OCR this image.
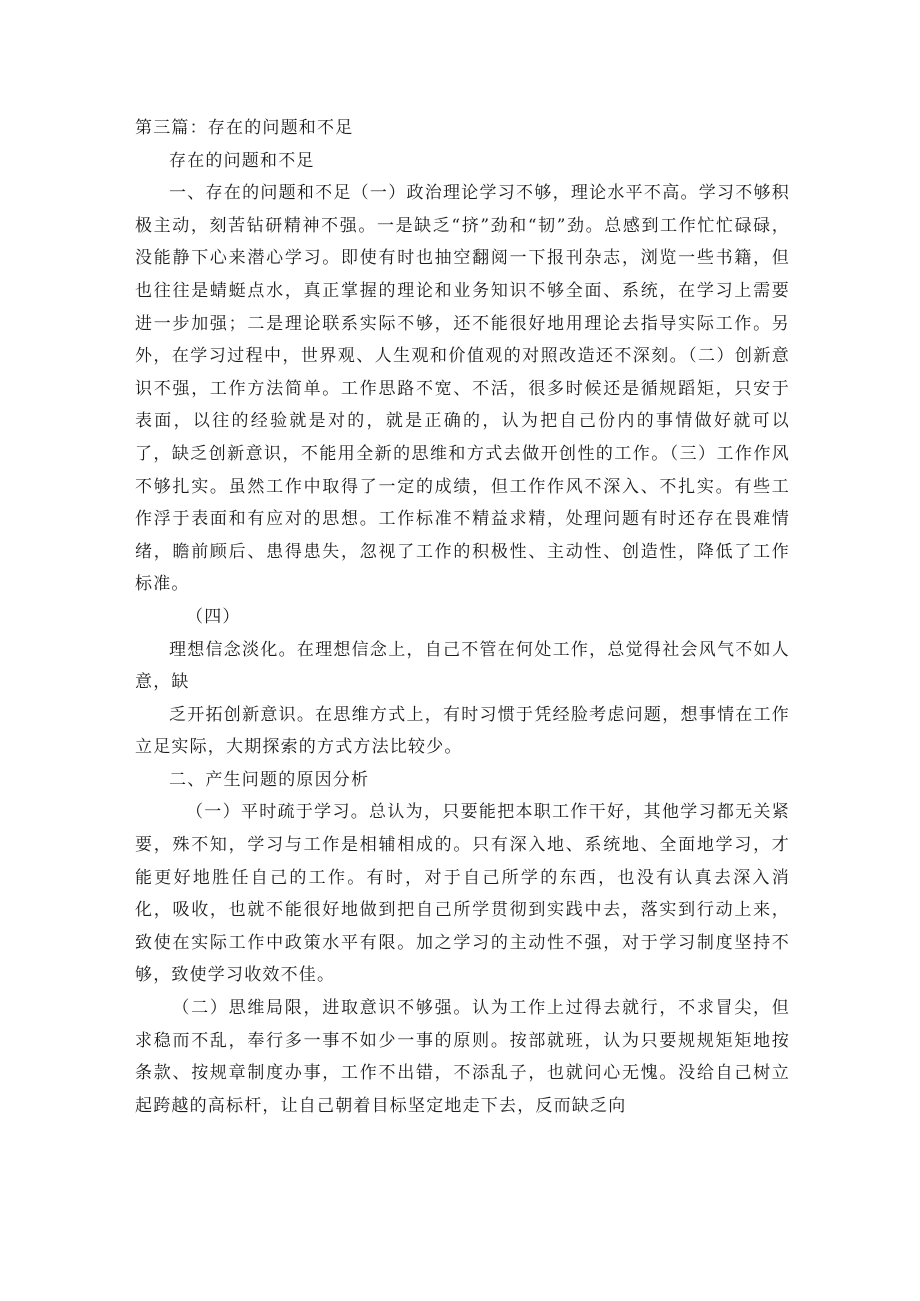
第三篇：存在的问题和不足

存在的问题和不足

一、存在的问题和不足（一）政治理论学习不够，理论水平不高。学习不够积极主动，刻苦钻研精神不强。一是缺乏“挤”劲和“韧”劲。总感到工作忙忙碌碌，没能静下心来潜心学习。即使有时也抽空翻阅一下报刊杂志，浏览一些书籍，但也往往是蜻蜓点水，真正掌握的理论和业务知识不够全面、系统，在学习上需要进一步加强；二是理论联系实际不够，还不能很好地用理论去指导实际工作。另外，在学习过程中，世界观、人生观和价值观的对照改造还不深刻。（二）创新意识不强，工作方法简单。工作思路不宽、不活，很多时候还是循规蹈矩，只安于表面，以往的经验就是对的，就是正确的，认为把自己份内的事情做好就可以了，缺乏创新意识，不能用全新的思维和方式去做开创性的工作。（三）工作作风不够扎实。虽然工作中取得了一定的成绩，但工作作风不深入、不扎实。有些工作浮于表面和有应对的思想。工作标准不精益求精，处理问题有时还存在畏难情绪，瞻前顾后、患得患失，忽视了工作的积极性、主动性、创造性，降低了工作标准。

（四）

理想信念淡化。在理想信念上，自己不管在何处工作，总觉得社会风气不如人意，缺

乏开拓创新意识。在思维方式上，有时习惯于凭经脸考虑问题，想事情在工作立足实际，大期探索的方式方法比较少。

二、产生问题的原因分析

（一）平时疏于学习。总认为，只要能把本职工作干好，其他学习都无关紧要，殊不知，学习与工作是相辅相成的。只有深入地、系统地、全面地学习，才能更好地胜任自己的工作。有时，对于自己所学的东西，也没有认真去深入消化，吸收，也就不能很好地做到把自己所学贯彻到实践中去，落实到行动上来，致使在实际工作中政策水平有限。加之学习的主动性不强，对于学习制度坚持不够，致使学习收效不佳。

（二）思维局限，进取意识不够强。认为工作上过得去就行，不求冒尖，但求稳而不乱，奉行多一事不如少一事的原则。按部就班，认为只要规规矩矩地按条款、按规章制度办事，工作不出错，不添乱子，也就问心无愧。没给自己树立起跨越的高标杆，让自己朝着目标坚定地走下去，反而缺乏向
